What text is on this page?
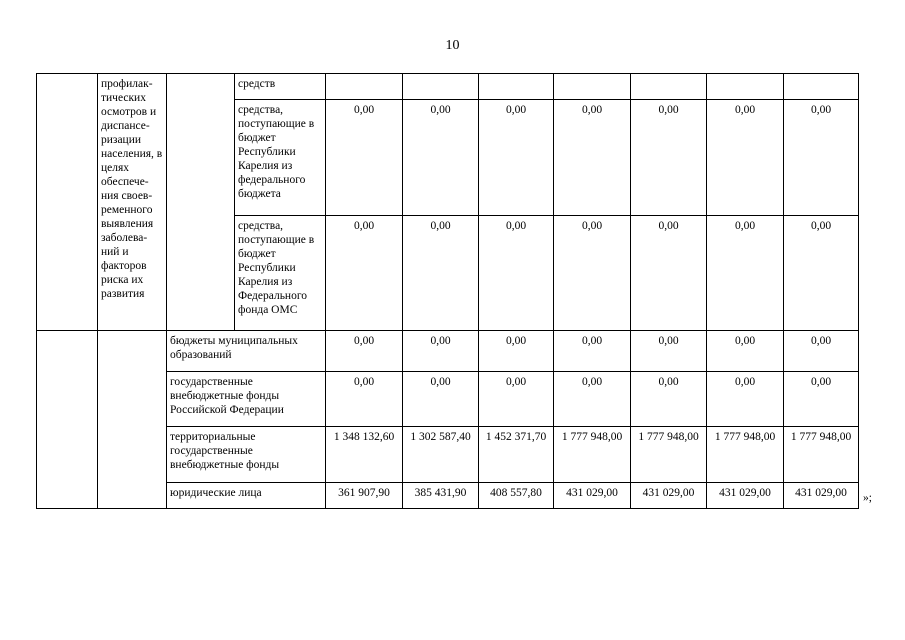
10
	профилак-тических осмотров и диспансе-ризации населения, в целях обеспече-ния своев-ременного выявления заболева-ний и факторов риска их развития		средств							
			средства, поступающие в бюджет Республики Карелия из федерального бюджета	0,00	0,00	0,00	0,00	0,00	0,00	0,00
			средства, поступающие в бюджет Республики Карелия из Федерального фонда ОМС	0,00	0,00	0,00	0,00	0,00	0,00	0,00
		бюджеты муниципальных образований		0,00	0,00	0,00	0,00	0,00	0,00	0,00
		государственные внебюджетные фонды Российской Федерации		0,00	0,00	0,00	0,00	0,00	0,00	0,00
		территориальные государственные внебюджетные фонды		1 348 132,60	1 302 587,40	1 452 371,70	1 777 948,00	1 777 948,00	1 777 948,00	1 777 948,00
		юридические лица		361 907,90	385 431,90	408 557,80	431 029,00	431 029,00	431 029,00	431 029,00 »;
